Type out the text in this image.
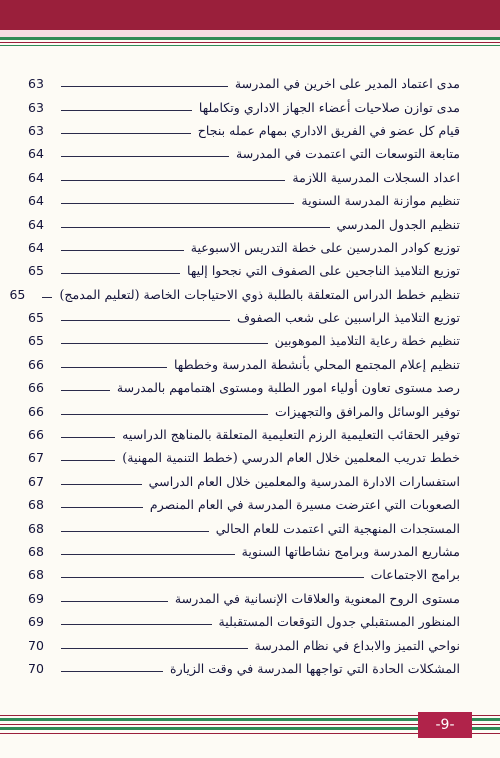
مدى اعتماد المدير على اخرين في المدرسة
63
مدى توازن صلاحيات أعضاء الجهاز الاداري وتكاملها
63
قيام كل عضو في الفريق الاداري بمهام عمله بنجاح
63
متابعة التوسعات التي اعتمدت في المدرسة
64
اعداد السجلات المدرسية اللازمة
64
تنظيم موازنة المدرسة السنوية
64
تنظيم الجدول المدرسي
64
توزيع كوادر المدرسين على خطة التدريس الاسبوعية
64
توزيع التلاميذ الناجحين على الصفوف التي نجحوا إليها
65
تنظيم خطط الدراس المتعلقة بالطلبة ذوي الاحتياجات الخاصة (لتعليم المدمج)
65
توزيع التلاميذ الراسبين على شعب الصفوف
65
تنظيم خطة رعاية التلاميذ الموهوبين
65
تنظيم إعلام المجتمع المحلي بأنشطة المدرسة وخططها
66
رصد مستوى تعاون أولياء امور الطلبة ومستوى اهتمامهم بالمدرسة
66
توفير الوسائل والمرافق والتجهيزات
66
توفير الحقائب التعليمية الرزم التعليمية المتعلقة بالمناهج الدراسيه
66
خطط تدريب المعلمين خلال العام الدرسي (خطط التنمية المهنية)
67
استفسارات الادارة المدرسية والمعلمين خلال العام الدراسي
67
الصعوبات التي اعترضت مسيرة المدرسة في العام المنصرم
68
المستجدات المنهجية التي اعتمدت للعام الحالي
68
مشاريع المدرسة وبرامج نشاطاتها السنوية
68
برامج الاجتماعات
68
مستوى الروح المعنوية والعلاقات الإنسانية في المدرسة
69
المنظور المستقبلي جدول التوقعات المستقبلية
69
نواحي التميز والابداع في نظام المدرسة
70
المشكلات الحادة التي تواجهها المدرسة في وقت الزيارة
70
-9-
